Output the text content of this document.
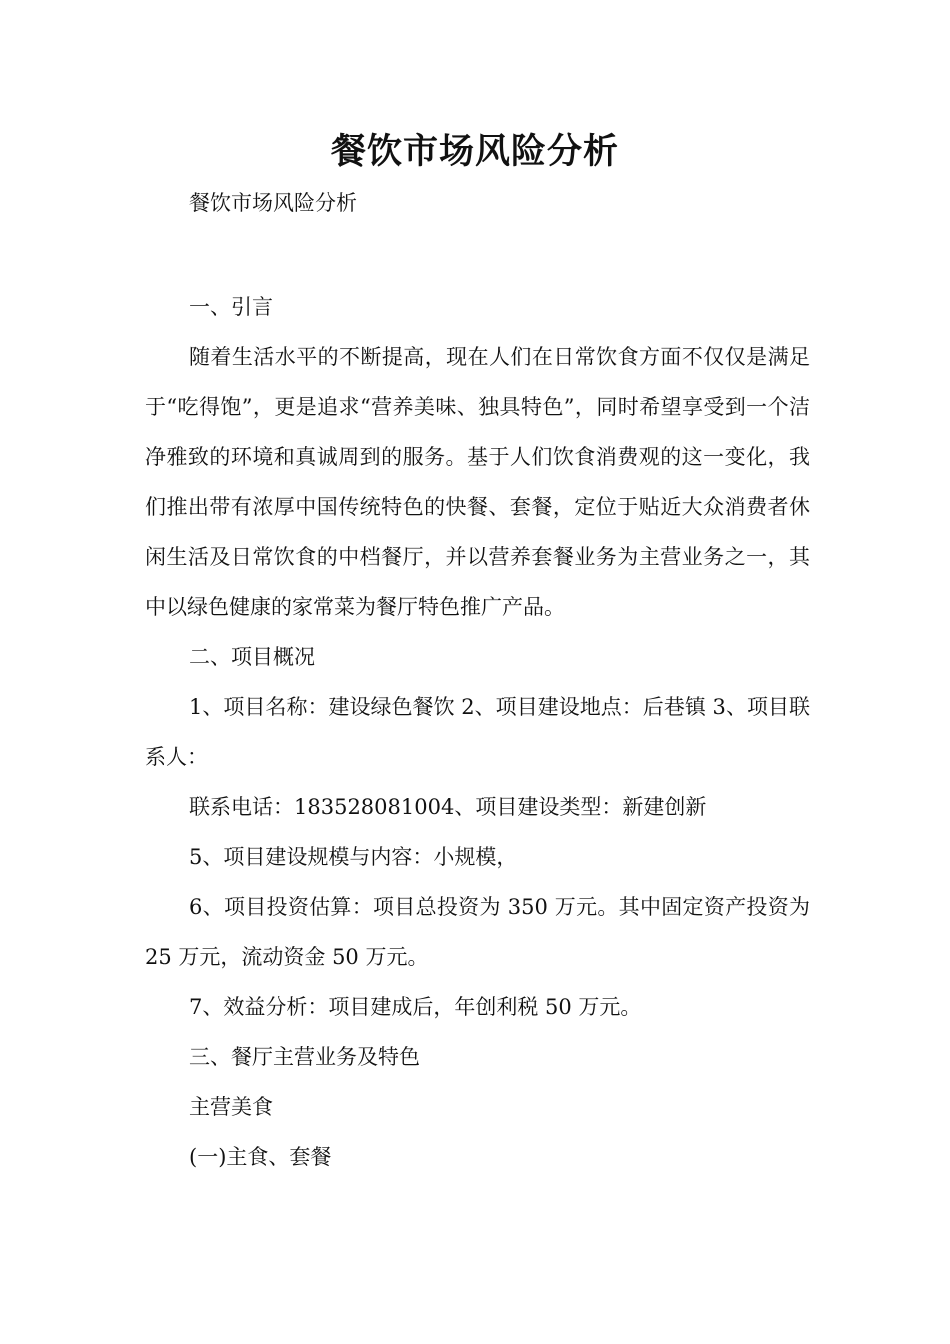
餐饮市场风险分析

餐饮市场风险分析

一、引言

随着生活水平的不断提高，现在人们在日常饮食方面不仅仅是满足于“吃得饱”，更是追求“营养美味、独具特色”，同时希望享受到一个洁净雅致的环境和真诚周到的服务。基于人们饮食消费观的这一变化，我们推出带有浓厚中国传统特色的快餐、套餐，定位于贴近大众消费者休闲生活及日常饮食的中档餐厅，并以营养套餐业务为主营业务之一，其中以绿色健康的家常菜为餐厅特色推广产品。

二、项目概况

1、项目名称：建设绿色餐饮 2、项目建设地点：后巷镇 3、项目联系人：

联系电话：183528081004、项目建设类型：新建创新

5、项目建设规模与内容：小规模，

6、项目投资估算：项目总投资为 350 万元。其中固定资产投资为 25 万元，流动资金 50 万元。

7、效益分析：项目建成后，年创利税 50 万元。

三、餐厅主营业务及特色

主营美食

(一)主食、套餐
